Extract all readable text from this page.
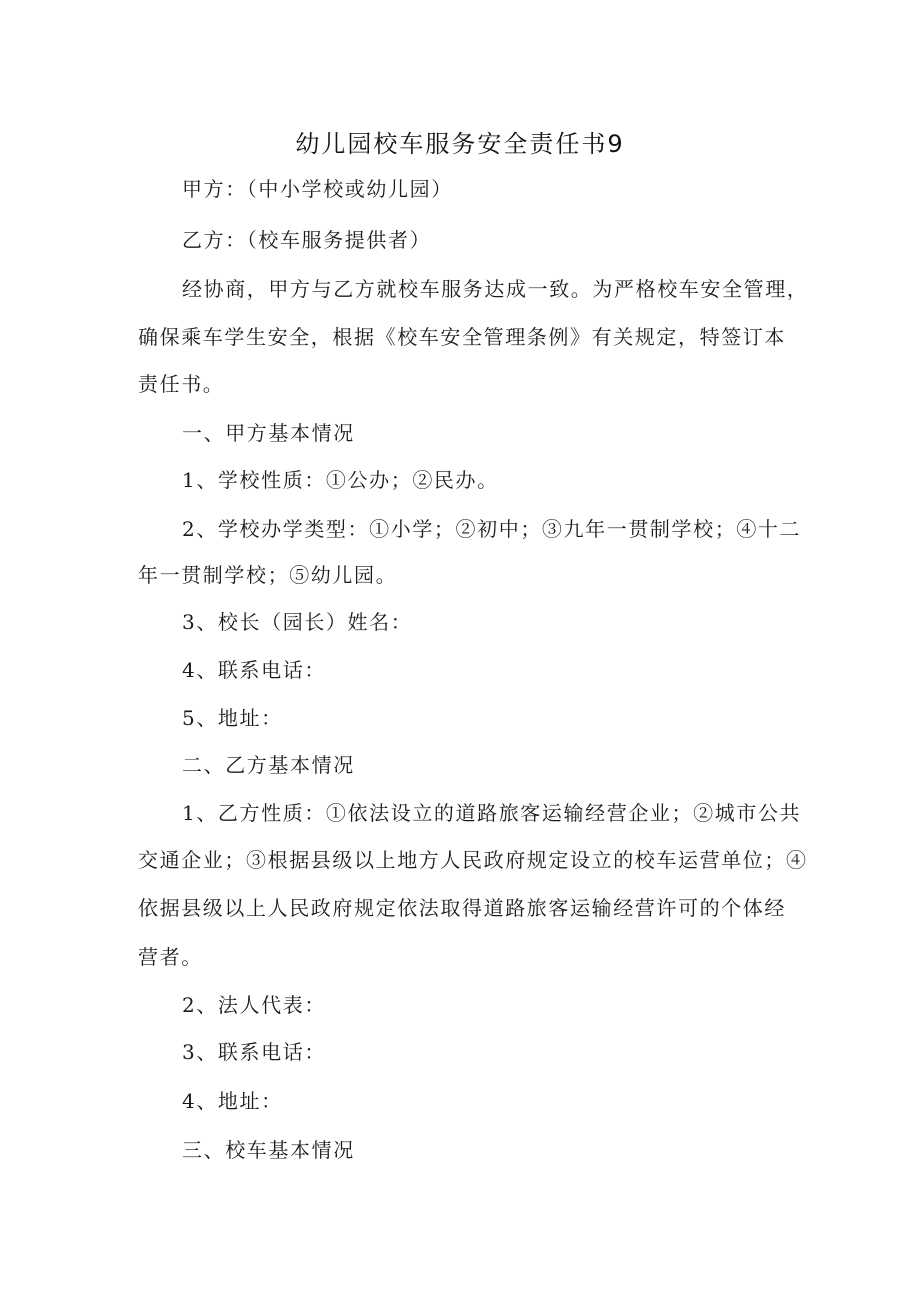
幼儿园校车服务安全责任书9
甲方：（中小学校或幼儿园）
乙方：（校车服务提供者）
经协商，甲方与乙方就校车服务达成一致。为严格校车安全管理，
确保乘车学生安全，根据《校车安全管理条例》有关规定，特签订本
责任书。
一、甲方基本情况
1、学校性质：①公办；②民办。
2、学校办学类型：①小学；②初中；③九年一贯制学校；④十二
年一贯制学校；⑤幼儿园。
3、校长（园长）姓名：
4、联系电话：
5、地址：
二、乙方基本情况
1、乙方性质：①依法设立的道路旅客运输经营企业；②城市公共
交通企业；③根据县级以上地方人民政府规定设立的校车运营单位；④
依据县级以上人民政府规定依法取得道路旅客运输经营许可的个体经
营者。
2、法人代表：
3、联系电话：
4、地址：
三、校车基本情况
